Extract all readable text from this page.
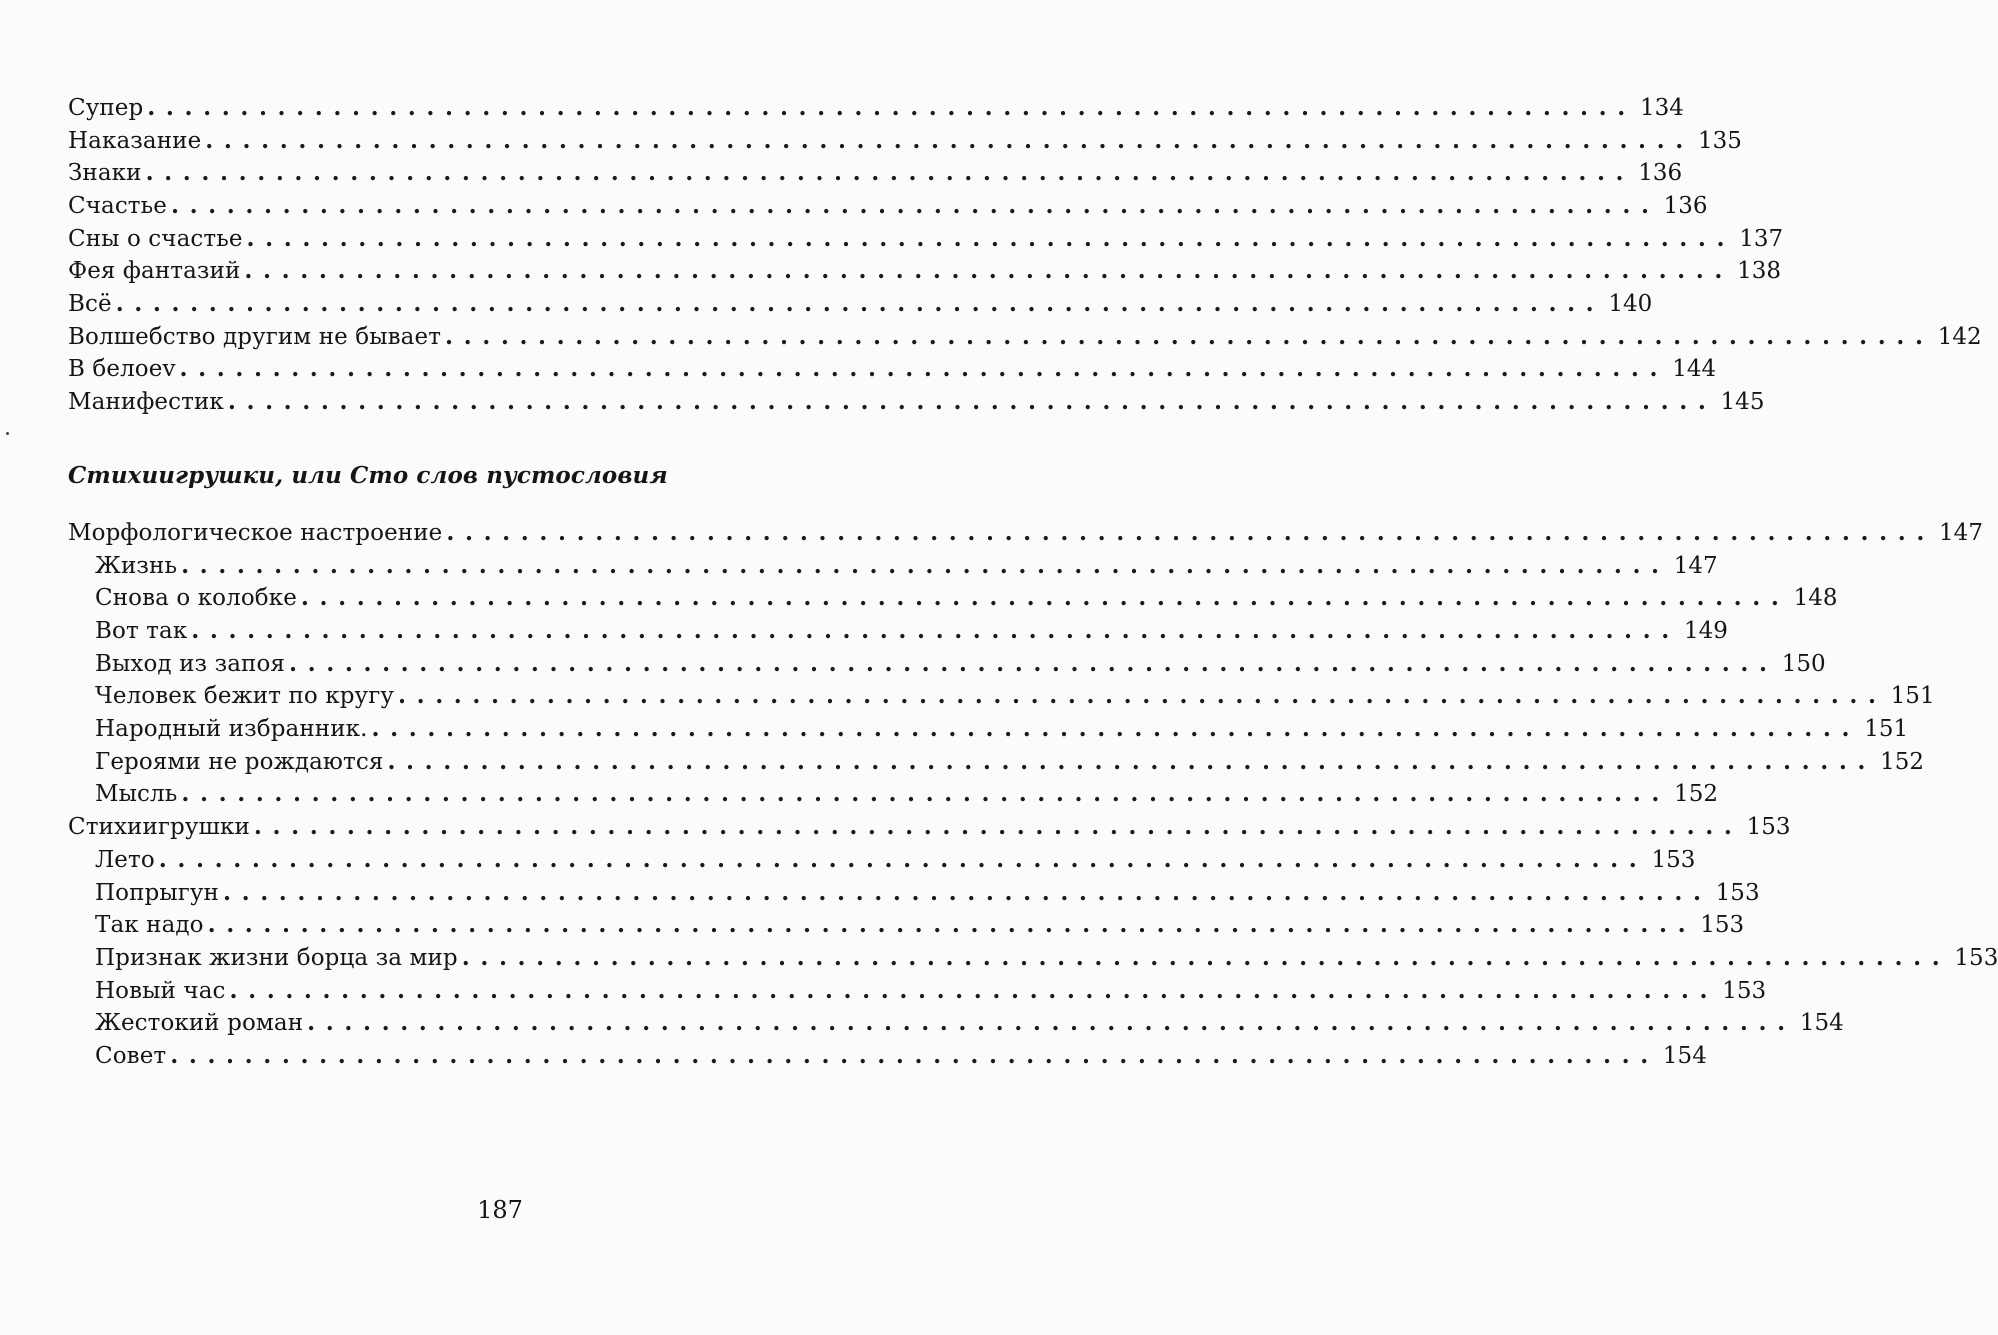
Супер ................................................................................ 134
Наказание ................................................................................ 135
Знаки ................................................................................ 136
Счастье ................................................................................ 136
Сны о счастье ................................................................................ 137
Фея фантазий ................................................................................ 138
Всё ................................................................................ 140
Волшебство другим не бывает ................................................................................ 142
В белоеv ................................................................................ 144
Манифестик ................................................................................ 145
Стихиигрушки, или Сто слов пустословия
Морфологическое настроение ................................................................................ 147
Жизнь ................................................................................ 147
Снова о колобке ................................................................................ 148
Вот так ................................................................................ 149
Выход из запоя ................................................................................ 150
Человек бежит по кругу ................................................................................ 151
Народный избранник. ................................................................................ 151
Героями не рождаются ................................................................................ 152
Мысль ................................................................................ 152
Стихиигрушки ................................................................................ 153
Лето ................................................................................ 153
Попрыгун ................................................................................ 153
Так надо ................................................................................ 153
Признак жизни борца за мир ................................................................................ 153
Новый час ................................................................................ 153
Жестокий роман ................................................................................ 154
Совет ................................................................................ 154
187
